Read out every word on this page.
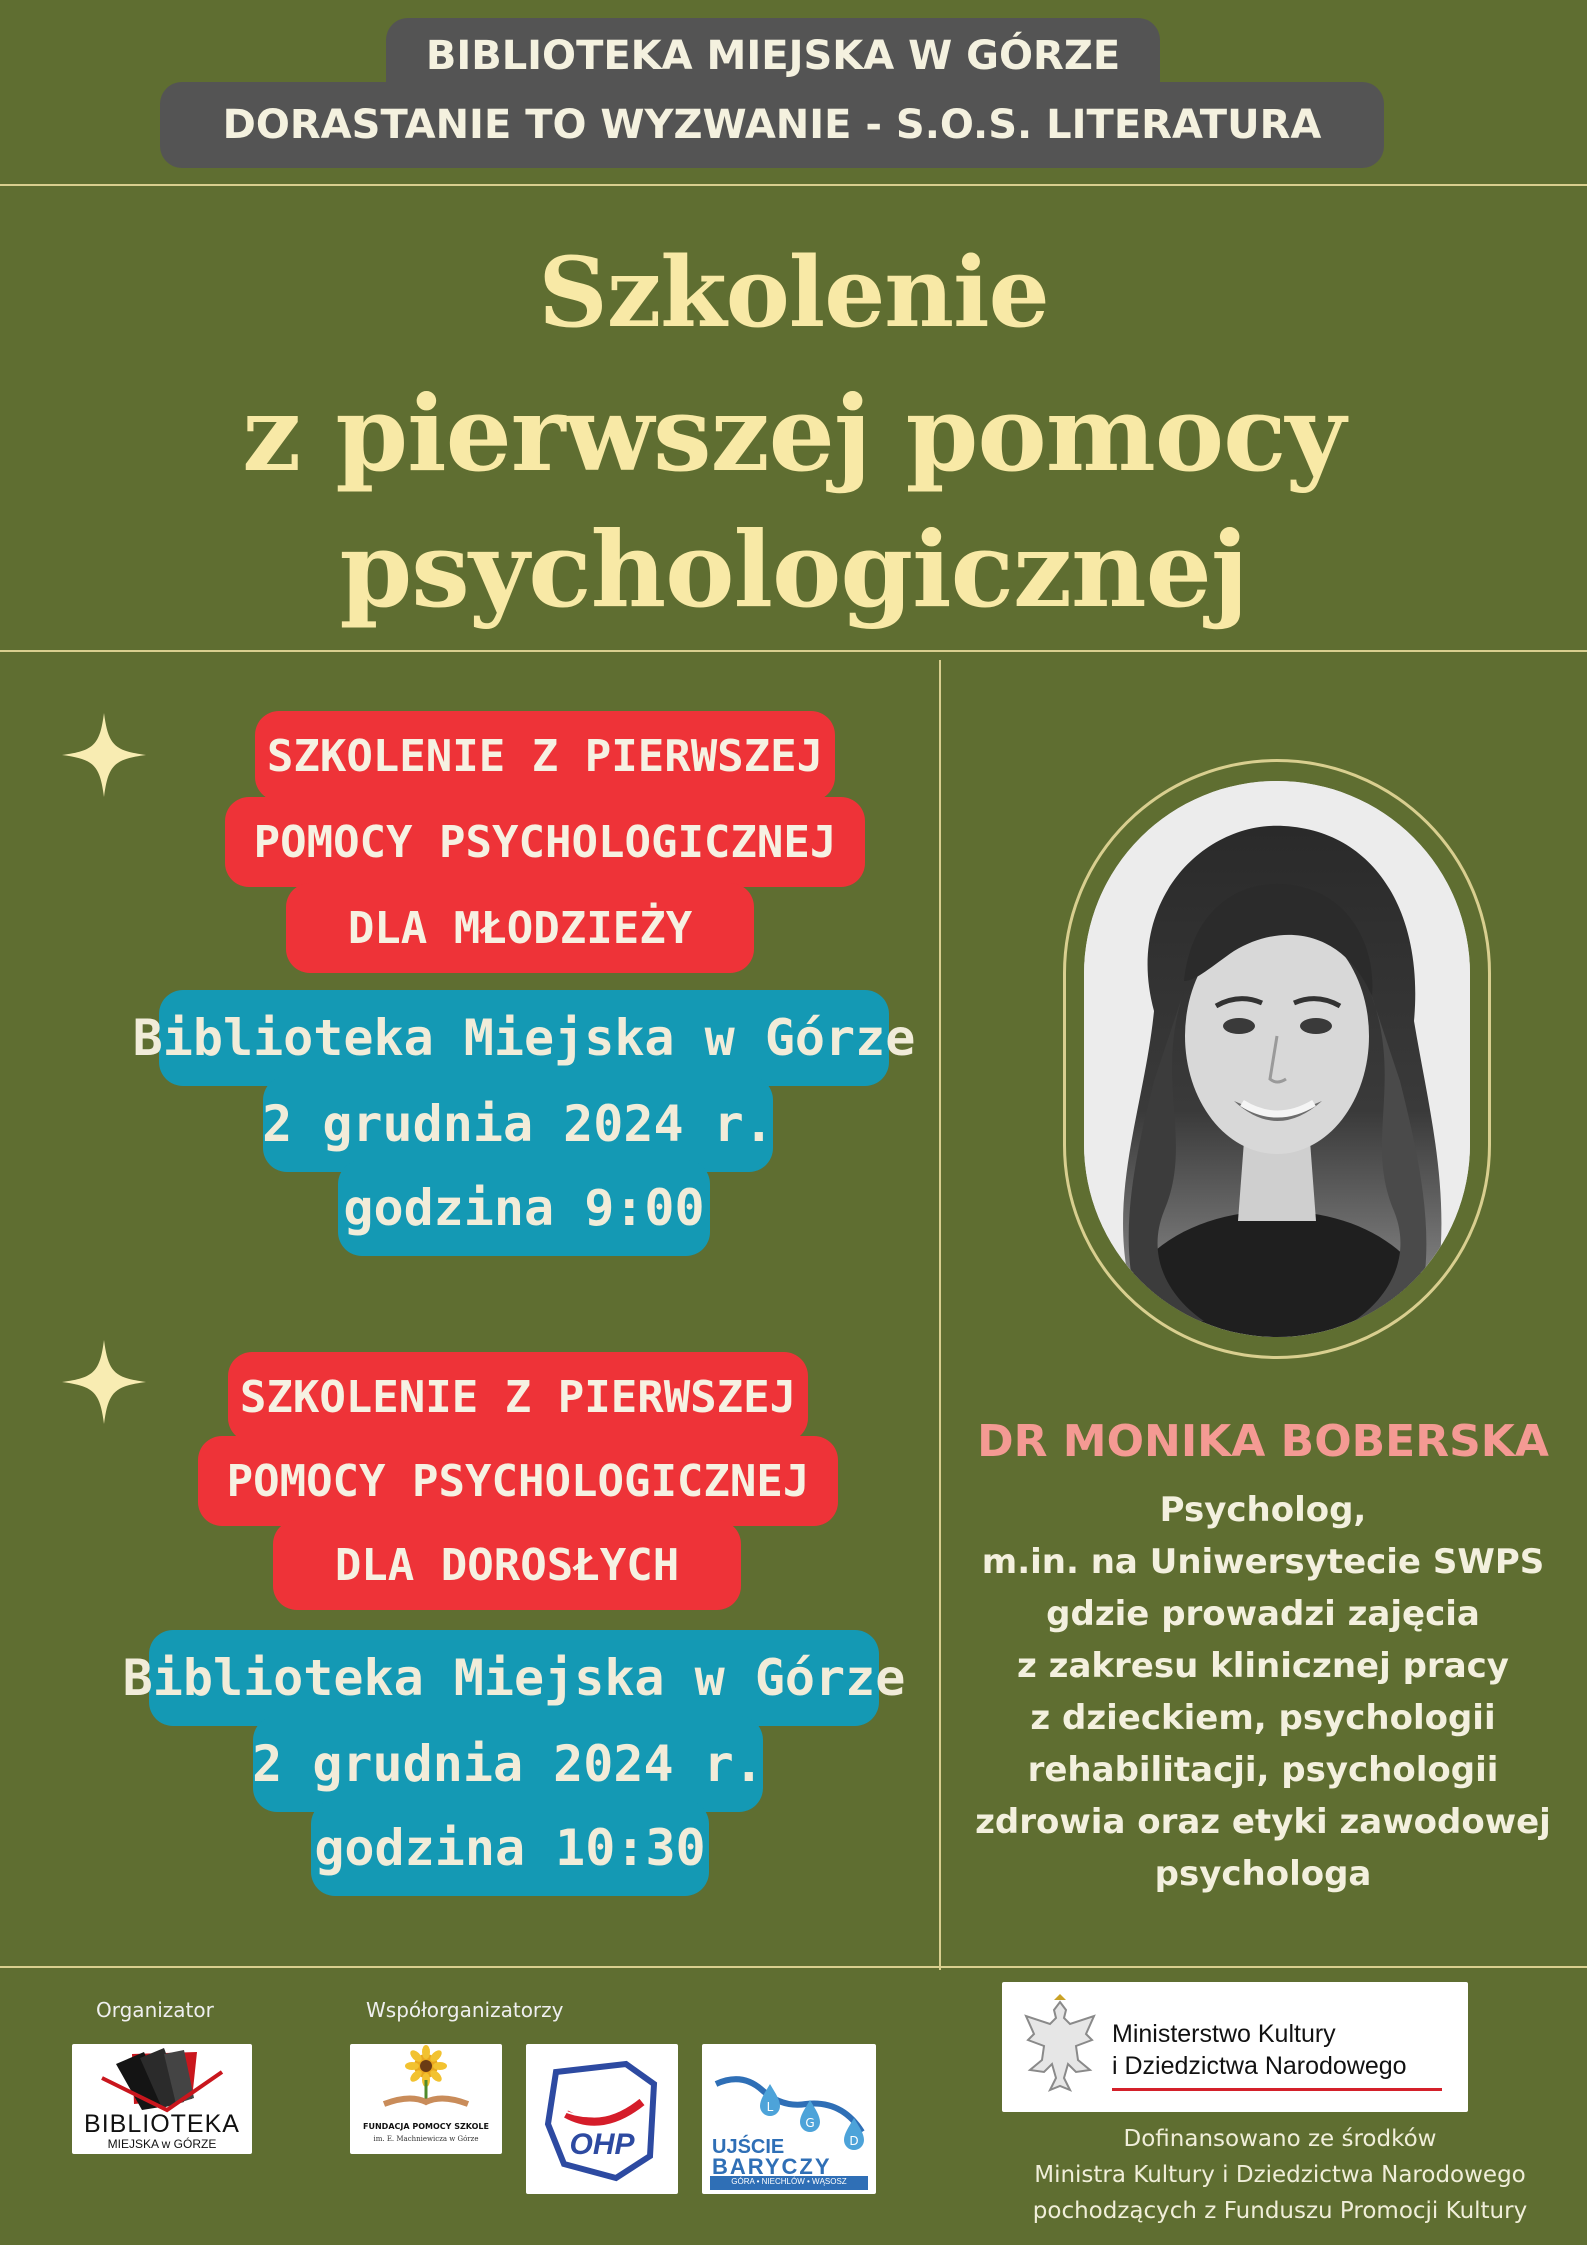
BIBLIOTEKA MIEJSKA W GÓRZE
DORASTANIE TO WYZWANIE - S.O.S. LITERATURA
Szkolenie
z pierwszej pomocy
psychologicznej
SZKOLENIE Z PIERWSZEJ
POMOCY PSYCHOLOGICZNEJ
DLA MŁODZIEŻY
Biblioteka Miejska w Górze
2 grudnia 2024 r.
godzina 9:00
SZKOLENIE Z PIERWSZEJ
POMOCY PSYCHOLOGICZNEJ
DLA DOROSŁYCH
Biblioteka Miejska w Górze
2 grudnia 2024 r.
godzina 10:30
DR MONIKA BOBERSKA
Psycholog,
m.in. na Uniwersytecie SWPS
gdzie prowadzi zajęcia
z zakresu klinicznej pracy
z dzieckiem, psychologii
rehabilitacji, psychologii
zdrowia oraz etyki zawodowej
psychologa
Organizator	Współorganizatorzy
BIBLIOTEKA
MIEJSKA w GÓRZE
FUNDACJA POMOCY SZKOLE
im. E. Machniewicza w Górze	OHP
L
G
D
UJŚCIE
BARYCZY
GÓRA • NIECHLÓW • WĄSOSZ
Ministerstwo Kultury
i Dziedzictwa Narodowego
Dofinansowano ze środków
Ministra Kultury i Dziedzictwa Narodowego
pochodzących z Funduszu Promocji Kultury
